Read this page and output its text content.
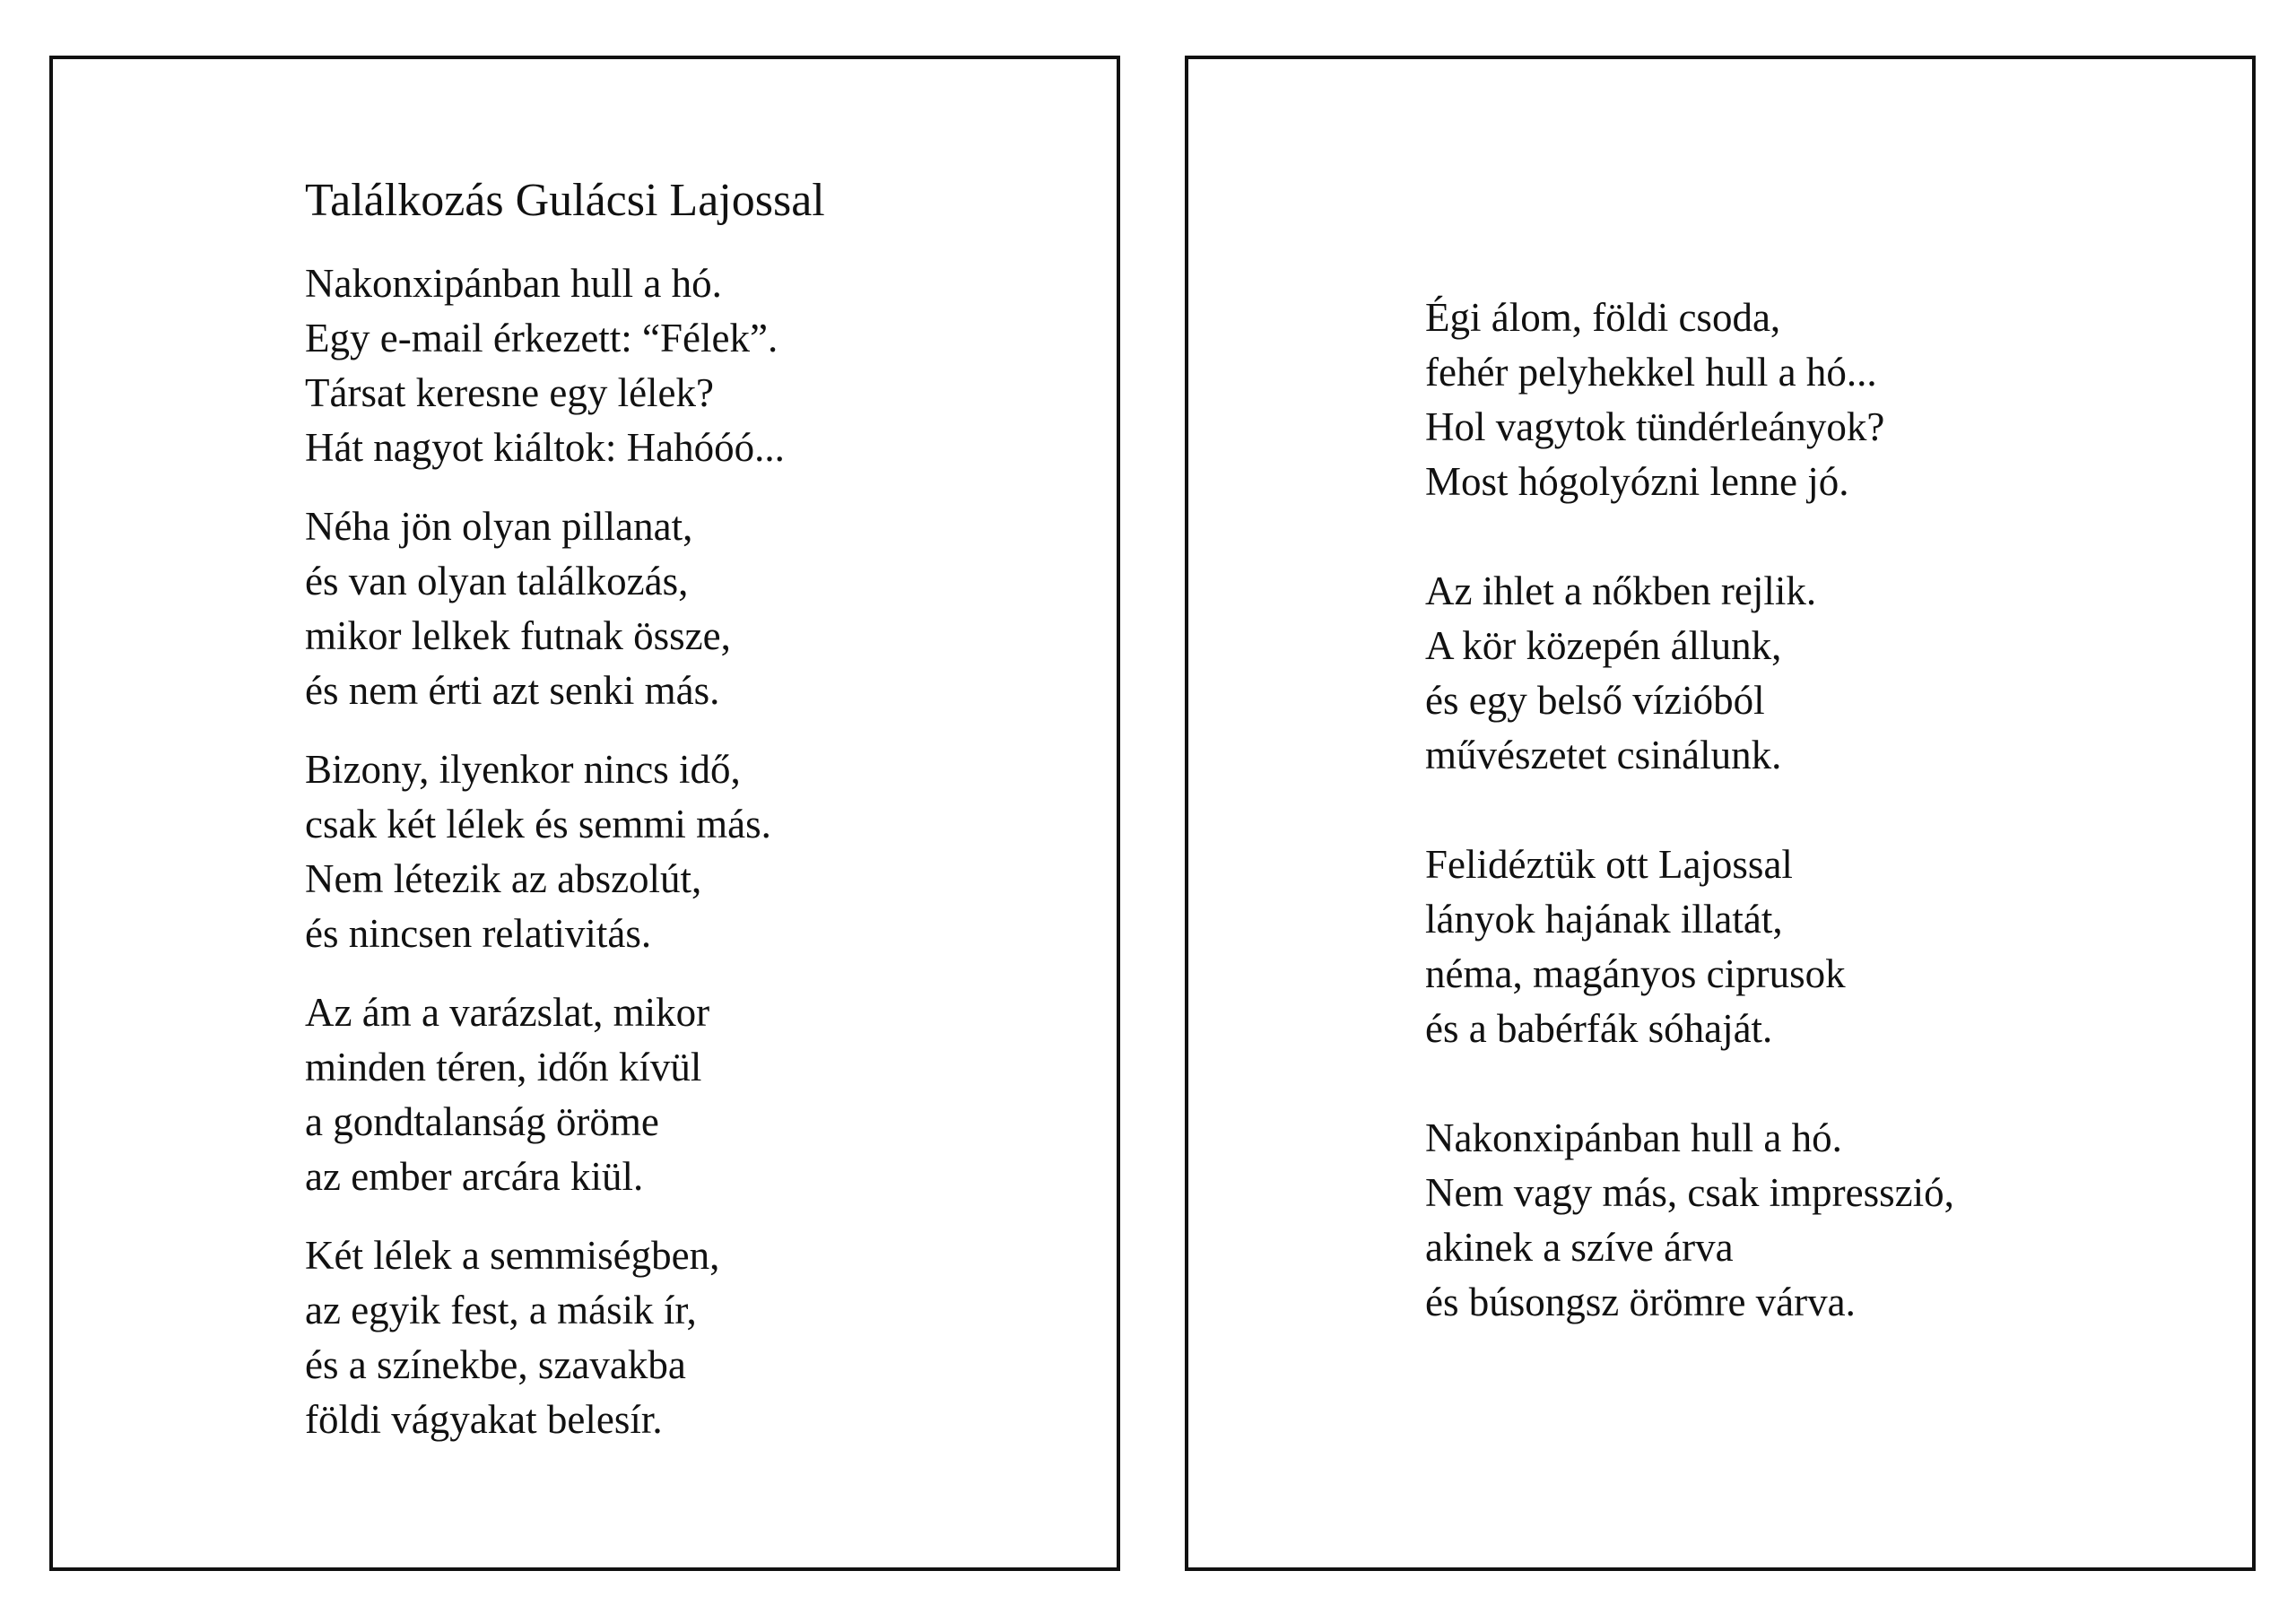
Találkozás Gulácsi Lajossal
Nakonxipánban hull a hó.
Egy e-mail érkezett: “Félek”.
Társat keresne egy lélek?
Hát nagyot kiáltok: Hahóóó...
Néha jön olyan pillanat,
és van olyan találkozás,
mikor lelkek futnak össze,
és nem érti azt senki más.
Bizony, ilyenkor nincs idő,
csak két lélek és semmi más.
Nem létezik az abszolút,
és nincsen relativitás.
Az ám a varázslat, mikor
minden téren, időn kívül
a gondtalanság öröme
az ember arcára kiül.
Két lélek a semmiségben,
az egyik fest, a másik ír,
és a színekbe, szavakba
földi vágyakat belesír.
Égi álom, földi csoda,
fehér pelyhekkel hull a hó...
Hol vagytok tündérleányok?
Most hógolyózni lenne jó.
Az ihlet a nőkben rejlik.
A kör közepén állunk,
és egy belső vízióból
művészetet csinálunk.
Felidéztük ott Lajossal
lányok hajának illatát,
néma, magányos ciprusok
és a babérfák sóhaját.
Nakonxipánban hull a hó.
Nem vagy más, csak impresszió,
akinek a szíve árva
és búsongsz örömre várva.
